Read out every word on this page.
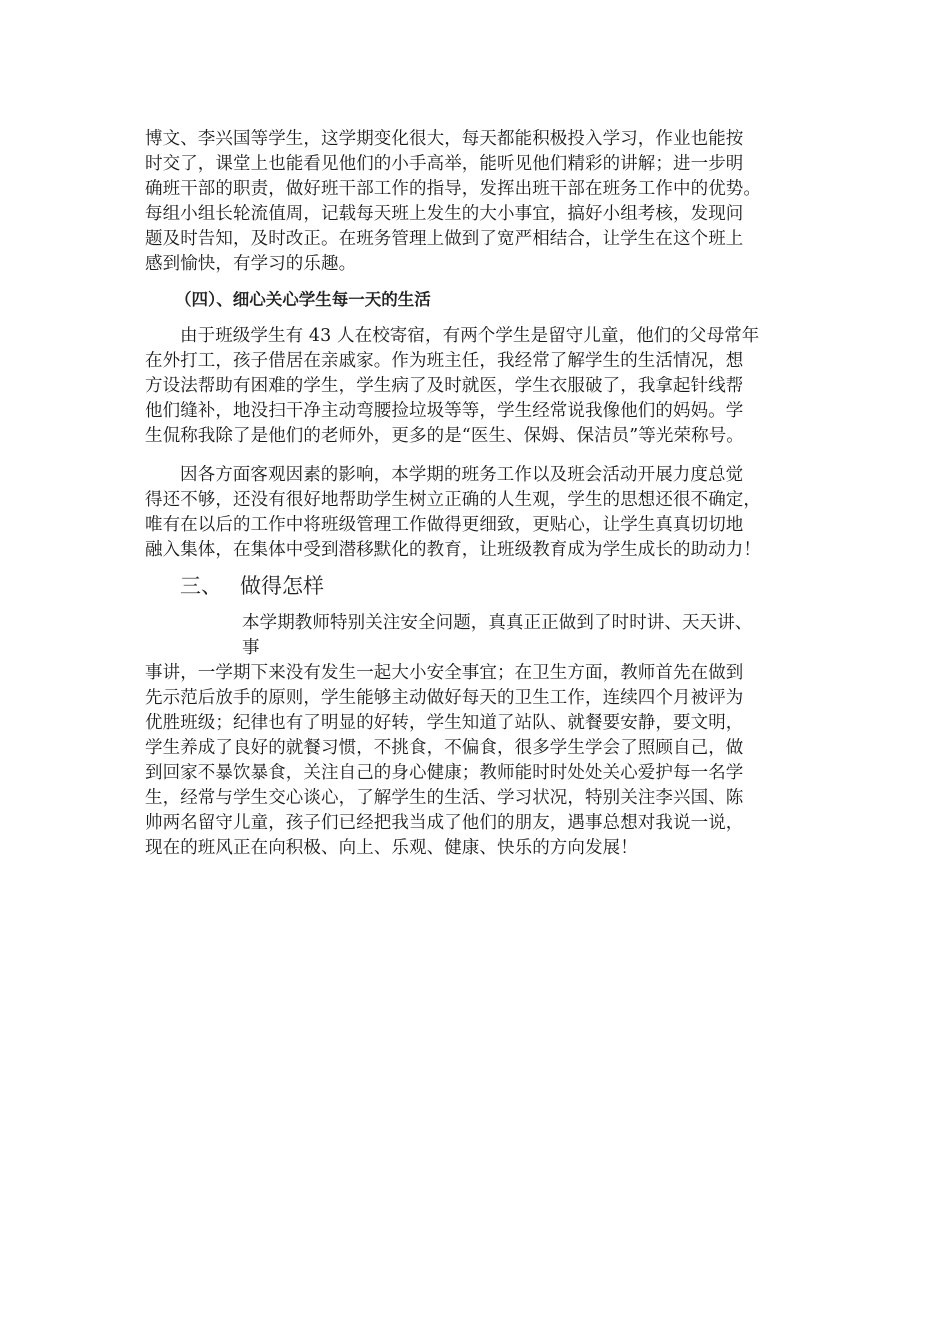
博文、李兴国等学生，这学期变化很大，每天都能积极投入学习，作业也能按
时交了，课堂上也能看见他们的小手高举，能听见他们精彩的讲解；进一步明
确班干部的职责，做好班干部工作的指导，发挥出班干部在班务工作中的优势。
每组小组长轮流值周，记载每天班上发生的大小事宜，搞好小组考核，发现问
题及时告知，及时改正。在班务管理上做到了宽严相结合，让学生在这个班上
感到愉快，有学习的乐趣。
（四）、细心关心学生每一天的生活
由于班级学生有 43 人在校寄宿，有两个学生是留守儿童，他们的父母常年
在外打工，孩子借居在亲戚家。作为班主任，我经常了解学生的生活情况，想
方设法帮助有困难的学生，学生病了及时就医，学生衣服破了，我拿起针线帮
他们缝补，地没扫干净主动弯腰捡垃圾等等，学生经常说我像他们的妈妈。学
生侃称我除了是他们的老师外，更多的是“医生、保姆、保洁员”等光荣称号。
因各方面客观因素的影响，本学期的班务工作以及班会活动开展力度总觉
得还不够，还没有很好地帮助学生树立正确的人生观，学生的思想还很不确定，
唯有在以后的工作中将班级管理工作做得更细致，更贴心，让学生真真切切地
融入集体，在集体中受到潜移默化的教育，让班级教育成为学生成长的助动力！
三、 做得怎样
本学期教师特别关注安全问题，真真正正做到了时时讲、天天讲、
事
事讲，一学期下来没有发生一起大小安全事宜；在卫生方面，教师首先在做到
先示范后放手的原则，学生能够主动做好每天的卫生工作，连续四个月被评为
优胜班级；纪律也有了明显的好转，学生知道了站队、就餐要安静，要文明，
学生养成了良好的就餐习惯，不挑食，不偏食，很多学生学会了照顾自己，做
到回家不暴饮暴食，关注自己的身心健康；教师能时时处处关心爱护每一名学
生，经常与学生交心谈心，了解学生的生活、学习状况，特别关注李兴国、陈
帅两名留守儿童，孩子们已经把我当成了他们的朋友，遇事总想对我说一说，
现在的班风正在向积极、向上、乐观、健康、快乐的方向发展！
